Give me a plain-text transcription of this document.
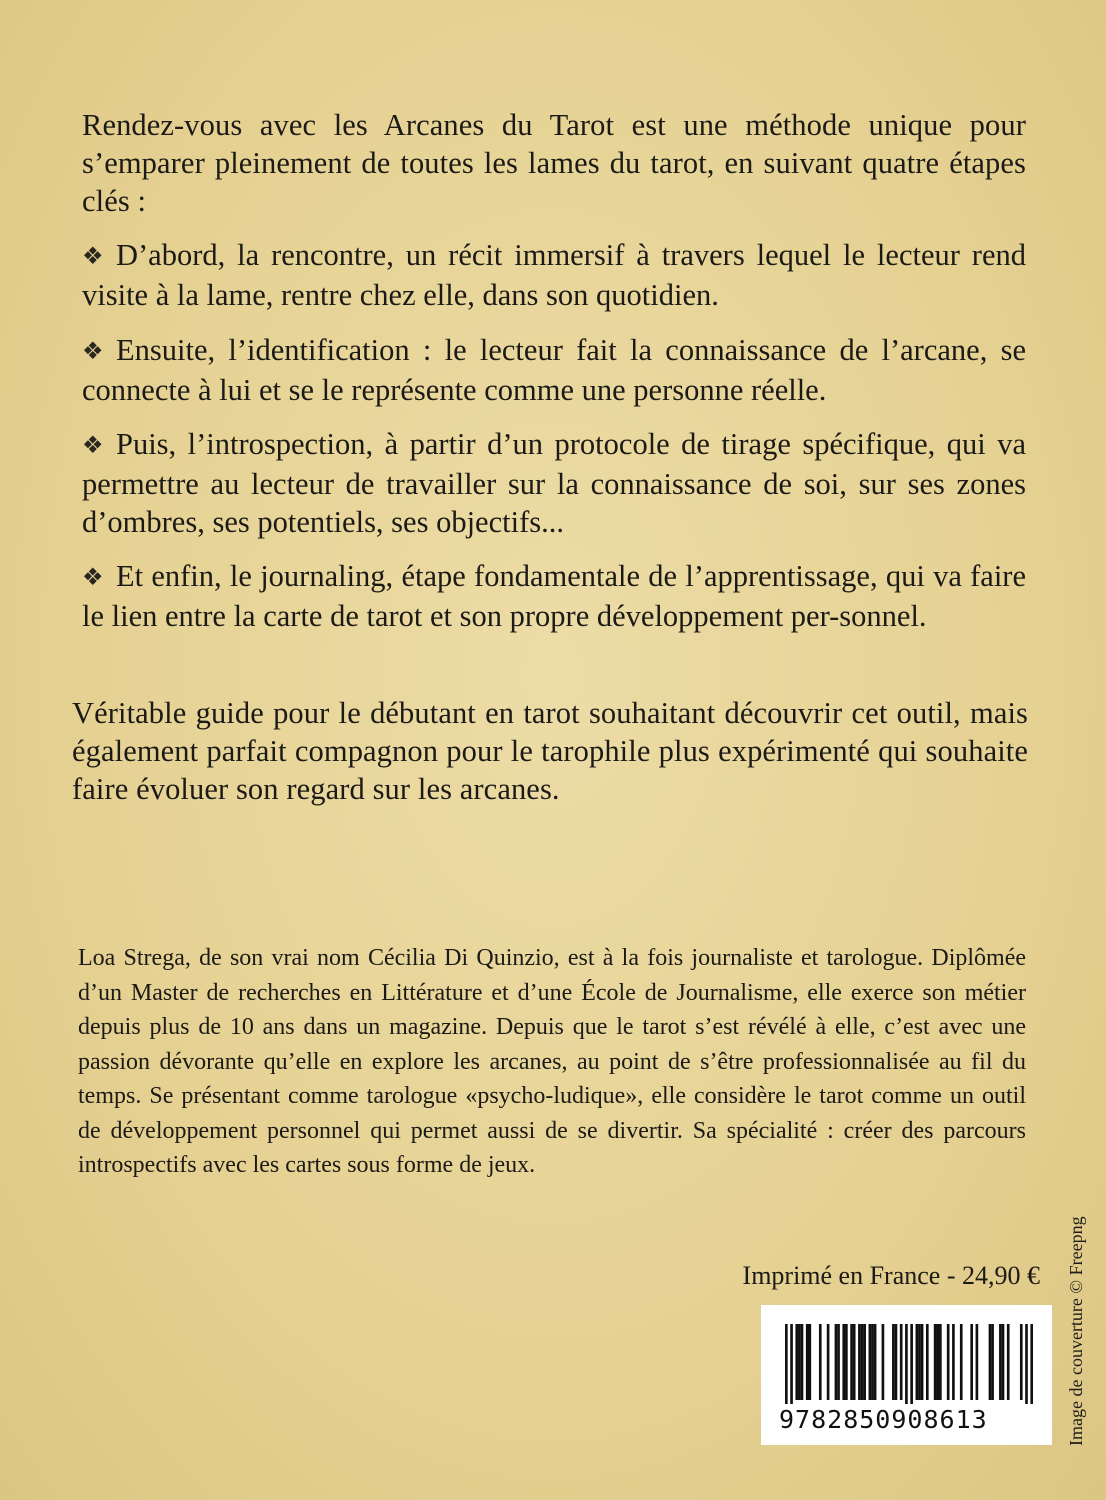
Rendez-vous avec les Arcanes du Tarot est une méthode unique pour s’emparer pleinement de toutes les lames du tarot, en suivant quatre étapes clés :

❖ D’abord, la rencontre, un récit immersif à travers lequel le lecteur rend visite à la lame, rentre chez elle, dans son quotidien.
❖ Ensuite, l’identification : le lecteur fait la connaissance de l’arcane, se connecte à lui et se le représente comme une personne réelle.
❖ Puis, l’introspection, à partir d’un protocole de tirage spécifique, qui va permettre au lecteur de travailler sur la connaissance de soi, sur ses zones d’ombres, ses potentiels, ses objectifs...
❖ Et enfin, le journaling, étape fondamentale de l’apprentissage, qui va faire le lien entre la carte de tarot et son propre développement per-sonnel.

Véritable guide pour le débutant en tarot souhaitant découvrir cet outil, mais également parfait compagnon pour le tarophile plus expérimenté qui souhaite faire évoluer son regard sur les arcanes.

Loa Strega, de son vrai nom Cécilia Di Quinzio, est à la fois journaliste et tarologue. Diplômée d’un Master de recherches en Littérature et d’une École de Journalisme, elle exerce son métier depuis plus de 10 ans dans un magazine. Depuis que le tarot s’est révélé à elle, c’est avec une passion dévorante qu’elle en explore les arcanes, au point de s’être professionnalisée au fil du temps. Se présentant comme tarologue «psycho-ludique», elle considère le tarot comme un outil de développement personnel qui permet aussi de se divertir. Sa spécialité : créer des parcours introspectifs avec les cartes sous forme de jeux.

Imprimé en France - 24,90 €
9782850908613	Image de couverture © Freepng
